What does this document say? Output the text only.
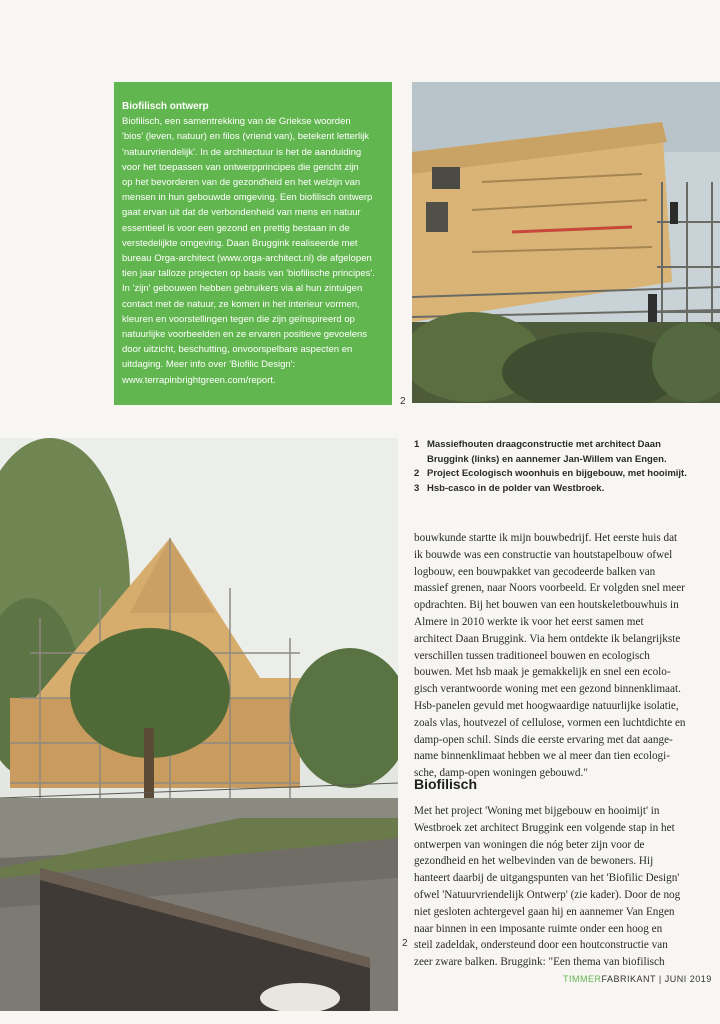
Biofilisch ontwerp
Biofilisch, een samentrekking van de Griekse woorden
'bios' (leven, natuur) en filos (vriend van), betekent letterlijk
'natuurvriendelijk'. In de architectuur is het de aanduiding
voor het toepassen van ontwerpprincipes die gericht zijn
op het bevorderen van de gezondheid en het welzijn van
mensen in hun gebouwde omgeving. Een biofilisch ontwerp
gaat ervan uit dat de verbondenheid van mens en natuur
essentieel is voor een gezond en prettig bestaan in de
verstedelijkte omgeving. Daan Bruggink realiseerde met
bureau Orga-architect (www.orga-architect.nl) de afgelopen
tien jaar talloze projecten op basis van 'biofilische principes'.
In 'zijn' gebouwen hebben gebruikers via al hun zintuigen
contact met de natuur, ze komen in het interieur vormen,
kleuren en voorstellingen tegen die zijn geïnspireerd op
natuurlijke voorbeelden en ze ervaren positieve gevoelens
door uitzicht, beschutting, onvoorspelbare aspecten en
uitdaging. Meer info over 'Biofilic Design':
www.terrapinbrightgreen.com/report.
2
2
1 Massiefhouten draagconstructie met architect Daan
Bruggink (links) en aannemer Jan-Willem van Engen.
2 Project Ecologisch woonhuis en bijgebouw, met hooimijt.
3 Hsb-casco in de polder van Westbroek.
bouwkunde startte ik mijn bouwbedrijf. Het eerste huis dat
ik bouwde was een constructie van houtstapelbouw ofwel
logbouw, een bouwpakket van gecodeerde balken van
massief grenen, naar Noors voorbeeld. Er volgden snel meer
opdrachten. Bij het bouwen van een houtskeletbouwhuis in
Almere in 2010 werkte ik voor het eerst samen met
architect Daan Bruggink. Via hem ontdekte ik belangrijkste
verschillen tussen traditioneel bouwen en ecologisch
bouwen. Met hsb maak je gemakkelijk en snel een ecolo-
gisch verantwoorde woning met een gezond binnenklimaat.
Hsb-panelen gevuld met hoogwaardige natuurlijke isolatie,
zoals vlas, houtvezel of cellulose, vormen een luchtdichte en
damp-open schil. Sinds die eerste ervaring met dat aange-
name binnenklimaat hebben we al meer dan tien ecologi-
sche, damp-open woningen gebouwd."
Biofilisch
Met het project 'Woning met bijgebouw en hooimijt' in
Westbroek zet architect Bruggink een volgende stap in het
ontwerpen van woningen die nóg beter zijn voor de
gezondheid en het welbevinden van de bewoners. Hij
hanteert daarbij de uitgangspunten van het 'Biofilic Design'
ofwel 'Natuurvriendelijk Ontwerp' (zie kader). Door de nog
niet gesloten achtergevel gaan hij en aannemer Van Engen
naar binnen in een imposante ruimte onder een hoog en
steil zadeldak, ondersteund door een houtconstructie van
zeer zware balken. Bruggink: "Een thema van biofilisch
TIMMERFABRIKANT | JUNI 2019
